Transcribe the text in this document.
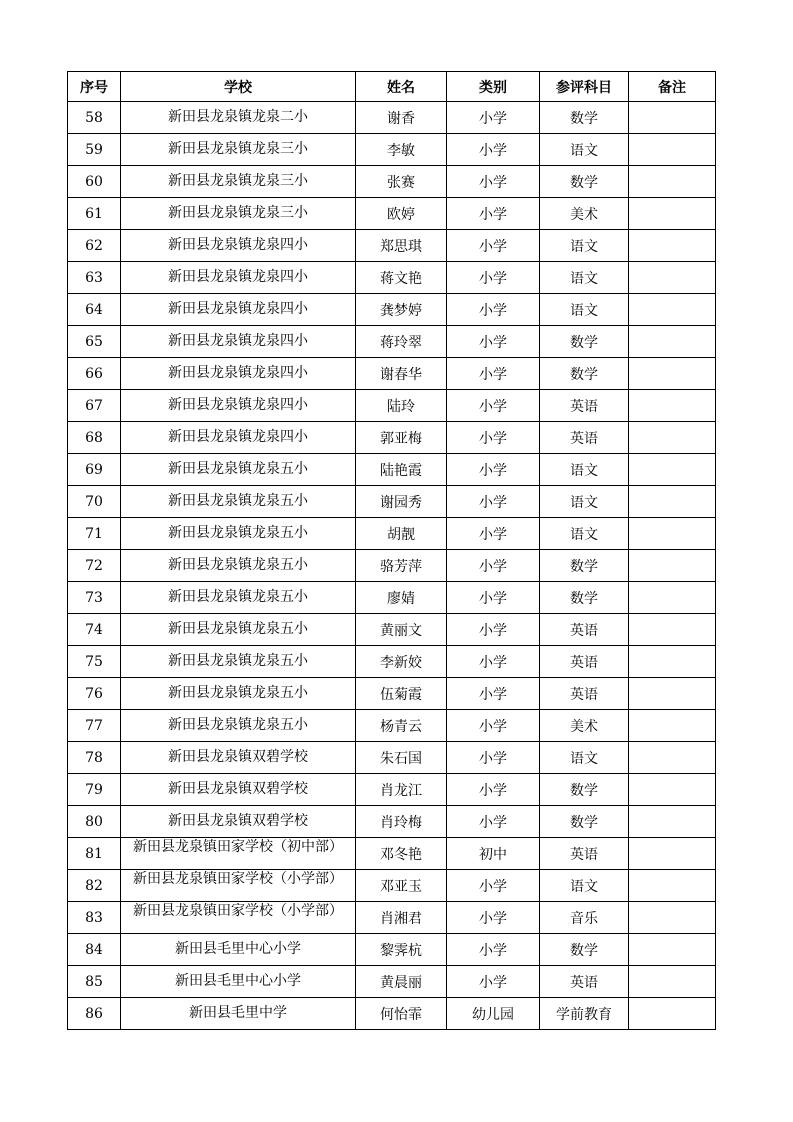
序号	学校	姓名	类别	参评科目	备注
58	新田县龙泉镇龙泉二小	谢香	小学	数学	
59	新田县龙泉镇龙泉三小	李敏	小学	语文	
60	新田县龙泉镇龙泉三小	张赛	小学	数学	
61	新田县龙泉镇龙泉三小	欧婷	小学	美术	
62	新田县龙泉镇龙泉四小	郑思琪	小学	语文	
63	新田县龙泉镇龙泉四小	蒋文艳	小学	语文	
64	新田县龙泉镇龙泉四小	龚梦婷	小学	语文	
65	新田县龙泉镇龙泉四小	蒋玲翠	小学	数学	
66	新田县龙泉镇龙泉四小	谢春华	小学	数学	
67	新田县龙泉镇龙泉四小	陆玲	小学	英语	
68	新田县龙泉镇龙泉四小	郭亚梅	小学	英语	
69	新田县龙泉镇龙泉五小	陆艳霞	小学	语文	
70	新田县龙泉镇龙泉五小	谢园秀	小学	语文	
71	新田县龙泉镇龙泉五小	胡靓	小学	语文	
72	新田县龙泉镇龙泉五小	骆芳萍	小学	数学	
73	新田县龙泉镇龙泉五小	廖婧	小学	数学	
74	新田县龙泉镇龙泉五小	黄丽文	小学	英语	
75	新田县龙泉镇龙泉五小	李新姣	小学	英语	
76	新田县龙泉镇龙泉五小	伍菊霞	小学	英语	
77	新田县龙泉镇龙泉五小	杨青云	小学	美术	
78	新田县龙泉镇双碧学校	朱石国	小学	语文	
79	新田县龙泉镇双碧学校	肖龙江	小学	数学	
80	新田县龙泉镇双碧学校	肖玲梅	小学	数学	
81	新田县龙泉镇田家学校（初中部）	邓冬艳	初中	英语	
82	新田县龙泉镇田家学校（小学部）	邓亚玉	小学	语文	
83	新田县龙泉镇田家学校（小学部）	肖湘君	小学	音乐	
84	新田县毛里中心小学	黎霁杭	小学	数学	
85	新田县毛里中心小学	黄晨丽	小学	英语	
86	新田县毛里中学	何怡霏	幼儿园	学前教育	
